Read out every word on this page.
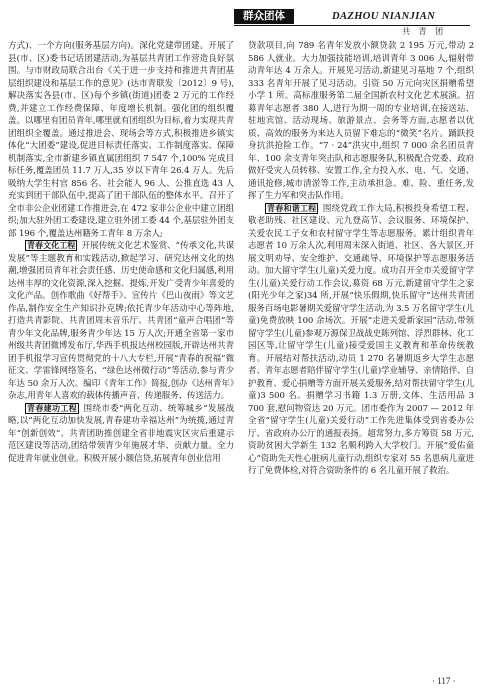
群众团体	DAZHOU NIANJIAN
共 青 团

方式)、一个方向(服务基层方向)。深化党建带团建。开展了县(市、区)委书记话团建活动,为基层共青团工作营造良好氛围。与市财政局联合出台《关于进一步支持和推进共青团基层组织建设和基层工作的意见》(达市青联发〔2012〕9 号),解决落实各县(市、区)每个乡镇(街道)团委 2 万元的工作经费,并建立工作经费保障、年度增长机制。强化团的组织覆盖。以哪里有团员青年,哪里就有团组织为目标,着力实现共青团组织全覆盖。通过推进会、现场会等方式,积极推进乡镇实体化“大团委”建设,促进目标责任落实、工作制度落实、保障机制落实,全市新建乡镇直属团组织 7 547 个,100% 完成目标任务,覆盖团员 11.7 万人,35 岁以下青年 26.4 万人。先后吸纳大学生村官 856 名、社会能人 96 人、公推直选 43 人充实到团干部队伍中,提高了团干部队伍的整体水平。召开了全市非公企业团建工作推进会,在 472 家非公企业中建立团组织;加大驻外团工委建设,建立驻外团工委 44 个,基层驻外团支部 196 个,覆盖达州籍务工青年 8 万余人;

青春文化工程  开展传统文化艺术鉴赏、“传承文化,共谋发展”等主题教育和实践活动,掀起学习、研究达州文化的热潮,增强团员青年社会责任感、历史使命感和文化归属感,利用达州丰厚的文化资源,深入挖掘、提炼,开发广受青少年喜爱的文化产品。创作歌曲《好帮手》、宣传片《巴山夜雨》等文艺作品,制作安全生产知识扑克牌;依托青少年活动中心等阵地,打造共青影院、共青团周末音乐厅、共青团“童声合唱团”等青少年文化品牌,服务青少年达 15 万人次;开通全省第一家市州级共青团微博发布厅,华西手机报达州校园版,开辟达州共青团手机报学习宣传贯彻党的十八大专栏,开展“青春的祝福”微征文、学雷锋网络签名、“绿色达州微行动”等活动,参与青少年达 50 余万人次。编印《青年工作》简报,创办《达州青年》杂志,用青年人喜欢的载体传播声音、传递服务、传送活力。

青春建功工程  围绕市委“两化互动、统筹城乡”发展战略,以“两化互动加快发展,青春建功幸福达州”为统揽,通过青年“创新创效”、共青团助推创建全省非地震灾区灾后重建示范区建设等活动,团结带领青少年施展才华、贡献力量。全力促进青年就业创业。积极开展小额信贷,拓展青年创业信用

贷款项目,向 789 名青年发放小额贷款 2 195 万元,带动 2 586 人就业。大力加强技能培训,培训青年 3 006 人,辐射带动青年达 4 万余人。开展见习活动,新建见习基地 7 个,组织 333 名青年开展了见习活动。引资 50 万元向灾区捐赠希望小学 1 所。高标准服务第二届全国新农村文化艺术展演。招募青年志愿者 380 人,进行为期一周的专业培训,在接送站、驻地宾馆、活动现场、旅游景点、会务等方面,志愿者以优质、高效的服务为来达人员留下难忘的“微笑”名片。踊跃投身抗洪抢险工作。“7 · 24”洪灾中,组织 7 000 余名团员青年、100 余支青年突击队和志愿服务队,积极配合党委、政府做好受灾人员转移、安置工作,全力投入水、电、气、交通、通讯抢修,城市清淤等工作,主动承担急、难、险、重任务,发挥了生力军和突击队作用。

青春和谐工程  围绕党政工作大局,积极投身希望工程、敬老助残、社区建设、元九登高节、会议服务、环境保护、关爱农民工子女和农村留守学生等志愿服务。累计组织青年志愿者 10 万余人次,利用周末深入街道、社区、各大景区,开展文明劝导、安全维护、交通疏导、环境保护等志愿服务活动。加大留守学生(儿童)关爱力度。成功召开全市关爱留守学生(儿童)关爱行动工作会议,募资 68 万元,新建留守学生之家(阳光少年之家)34 所,开展“快乐假期,快乐留守”达州共青团服务百场电影暑期关爱留守学生活动,为 3.5 万名留守学生(儿童)免费放映 100 余场次。开展“走进关爱新家园”活动,带领留守学生(儿童)参观万源保卫战战史陈列馆、浮烈群林、化工园区等,让留守学生(儿童)接受爱国主义教育和革命传统教育。开展结对帮扶活动,动员 1 270 名暑期返乡大学生志愿者、青年志愿者陪伴留守学生(儿童)学业辅导、亲情陪伴、自护教育、爱心捐赠等方面开展关爱服务,结对帮扶留守学生(儿童)3 500 名。捐赠学习书籍 1.3 万册,文体、生活用品 3 700 套,慰问物资达 20 万元。团市委作为 2007 — 2012 年全省“留守学生(儿童)关爱行动”工作先进集体受到省委办公厅、省政府办公厅的通报表扬。超常努力,多方筹资 58 万元,资助贫困大学新生 132 名顺利跨入大学校门。开展“爱佑童心”资助先天性心脏病儿童行动,组织专家对 55 名患病儿童进行了免费体检,对符合资助条件的 6 名儿童开展了救治。

· 117 ·
